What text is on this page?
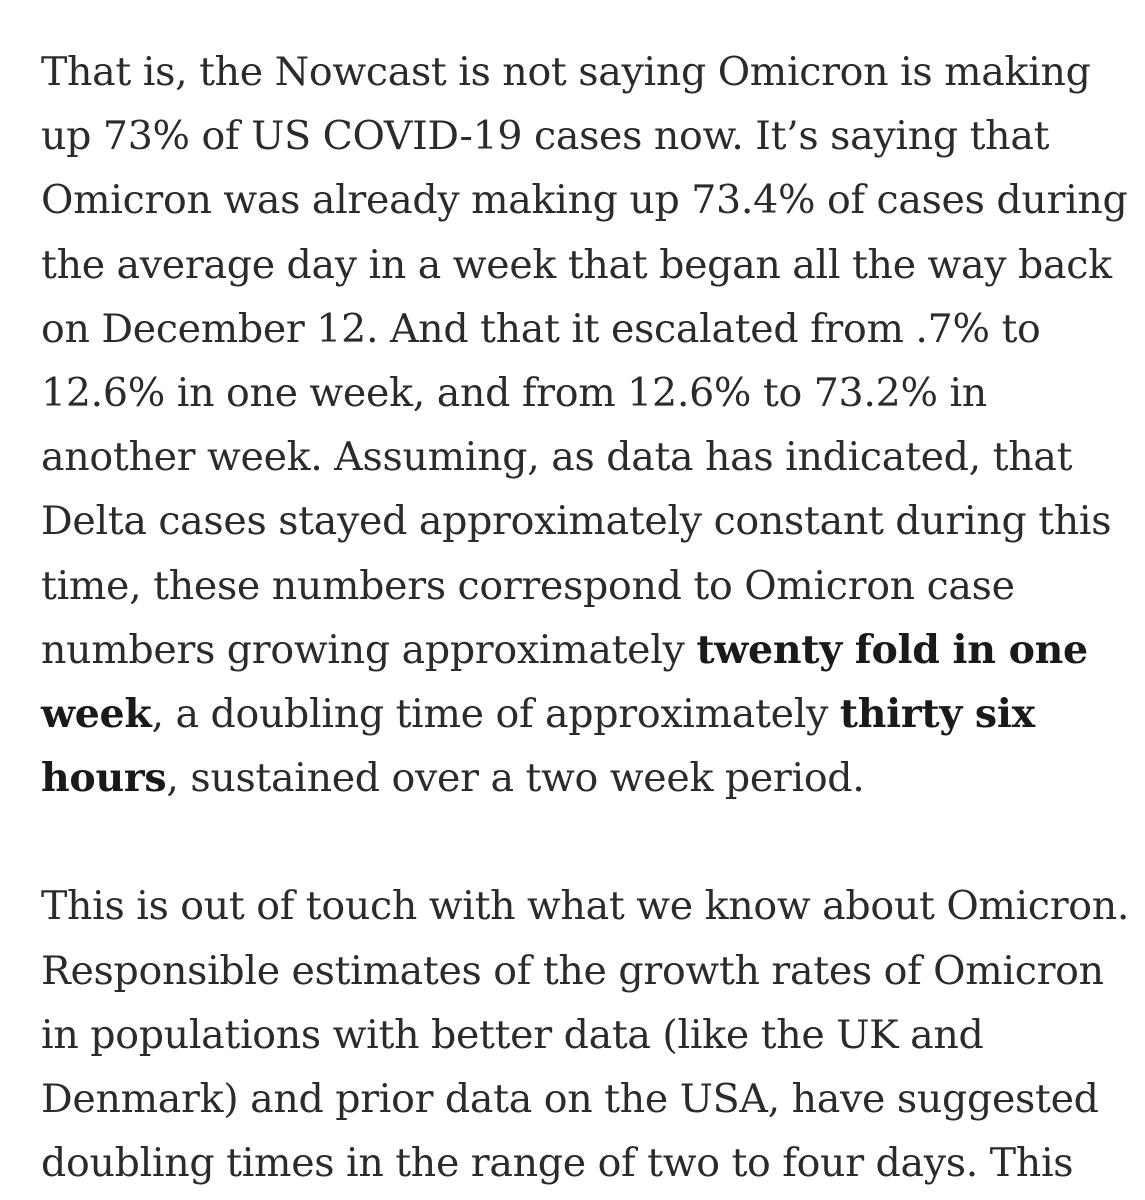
That is, the Nowcast is not saying Omicron is making up 73% of US COVID-19 cases now. It’s saying that Omicron was already making up 73.4% of cases during the average day in a week that began all the way back on December 12. And that it escalated from .7% to 12.6% in one week, and from 12.6% to 73.2% in another week. Assuming, as data has indicated, that Delta cases stayed approximately constant during this time, these numbers correspond to Omicron case numbers growing approximately twenty fold in one week, a doubling time of approximately thirty six hours, sustained over a two week period.

This is out of touch with what we know about Omicron. Responsible estimates of the growth rates of Omicron in populations with better data (like the UK and Denmark) and prior data on the USA, have suggested doubling times in the range of two to four days. This
